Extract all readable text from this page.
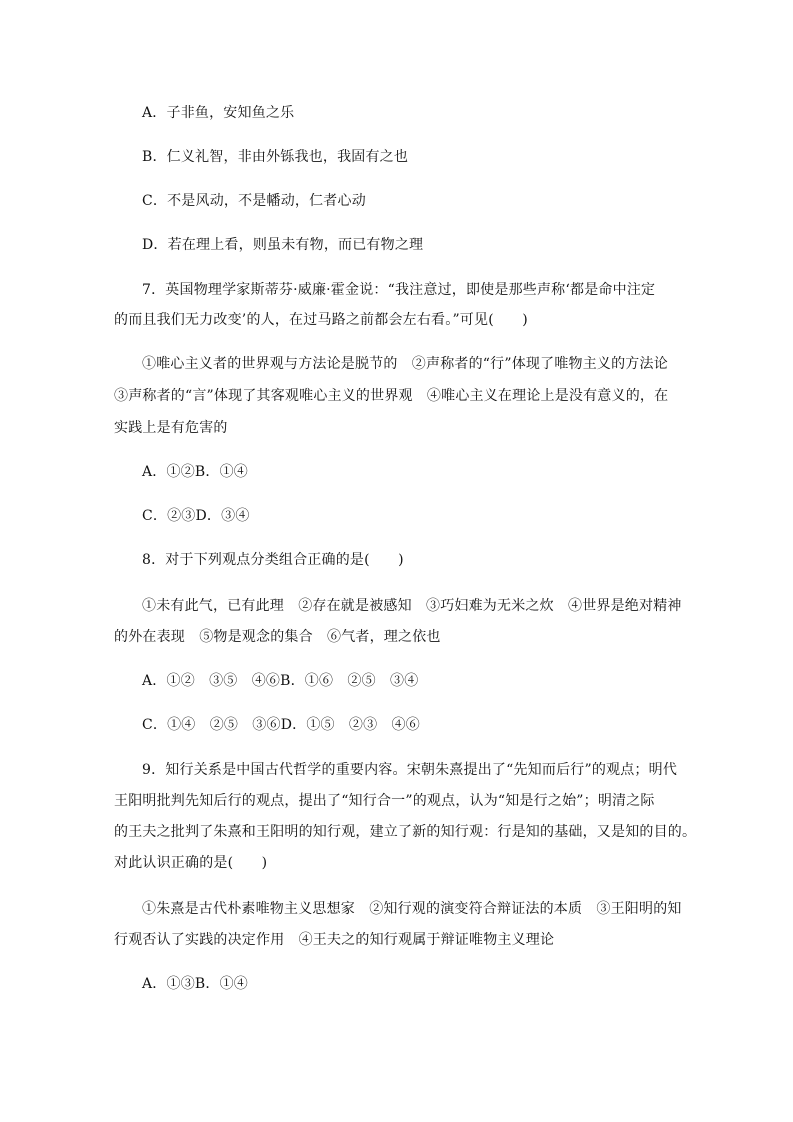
A．子非鱼，安知鱼之乐
B．仁义礼智，非由外铄我也，我固有之也
C．不是风动，不是幡动，仁者心动
D．若在理上看，则虽未有物，而已有物之理
7．英国物理学家斯蒂芬·威廉·霍金说：“我注意过，即使是那些声称‘都是命中注定
的而且我们无力改变’的人，在过马路之前都会左右看。”可见(　　)
①唯心主义者的世界观与方法论是脱节的　②声称者的“行”体现了唯物主义的方法论
③声称者的“言”体现了其客观唯心主义的世界观　④唯心主义在理论上是没有意义的，在
实践上是有危害的
A．①②B．①④
C．②③D．③④
8．对于下列观点分类组合正确的是(　　)
①未有此气，已有此理　②存在就是被感知　③巧妇难为无米之炊　④世界是绝对精神
的外在表现　⑤物是观念的集合　⑥气者，理之依也
A．①②　③⑤　④⑥B．①⑥　②⑤　③④
C．①④　②⑤　③⑥D．①⑤　②③　④⑥
9．知行关系是中国古代哲学的重要内容。宋朝朱熹提出了“先知而后行”的观点；明代
王阳明批判先知后行的观点，提出了“知行合一”的观点，认为“知是行之始”；明清之际
的王夫之批判了朱熹和王阳明的知行观，建立了新的知行观：行是知的基础，又是知的目的。
对此认识正确的是(　　)
①朱熹是古代朴素唯物主义思想家　②知行观的演变符合辩证法的本质　③王阳明的知
行观否认了实践的决定作用　④王夫之的知行观属于辩证唯物主义理论
A．①③B．①④
